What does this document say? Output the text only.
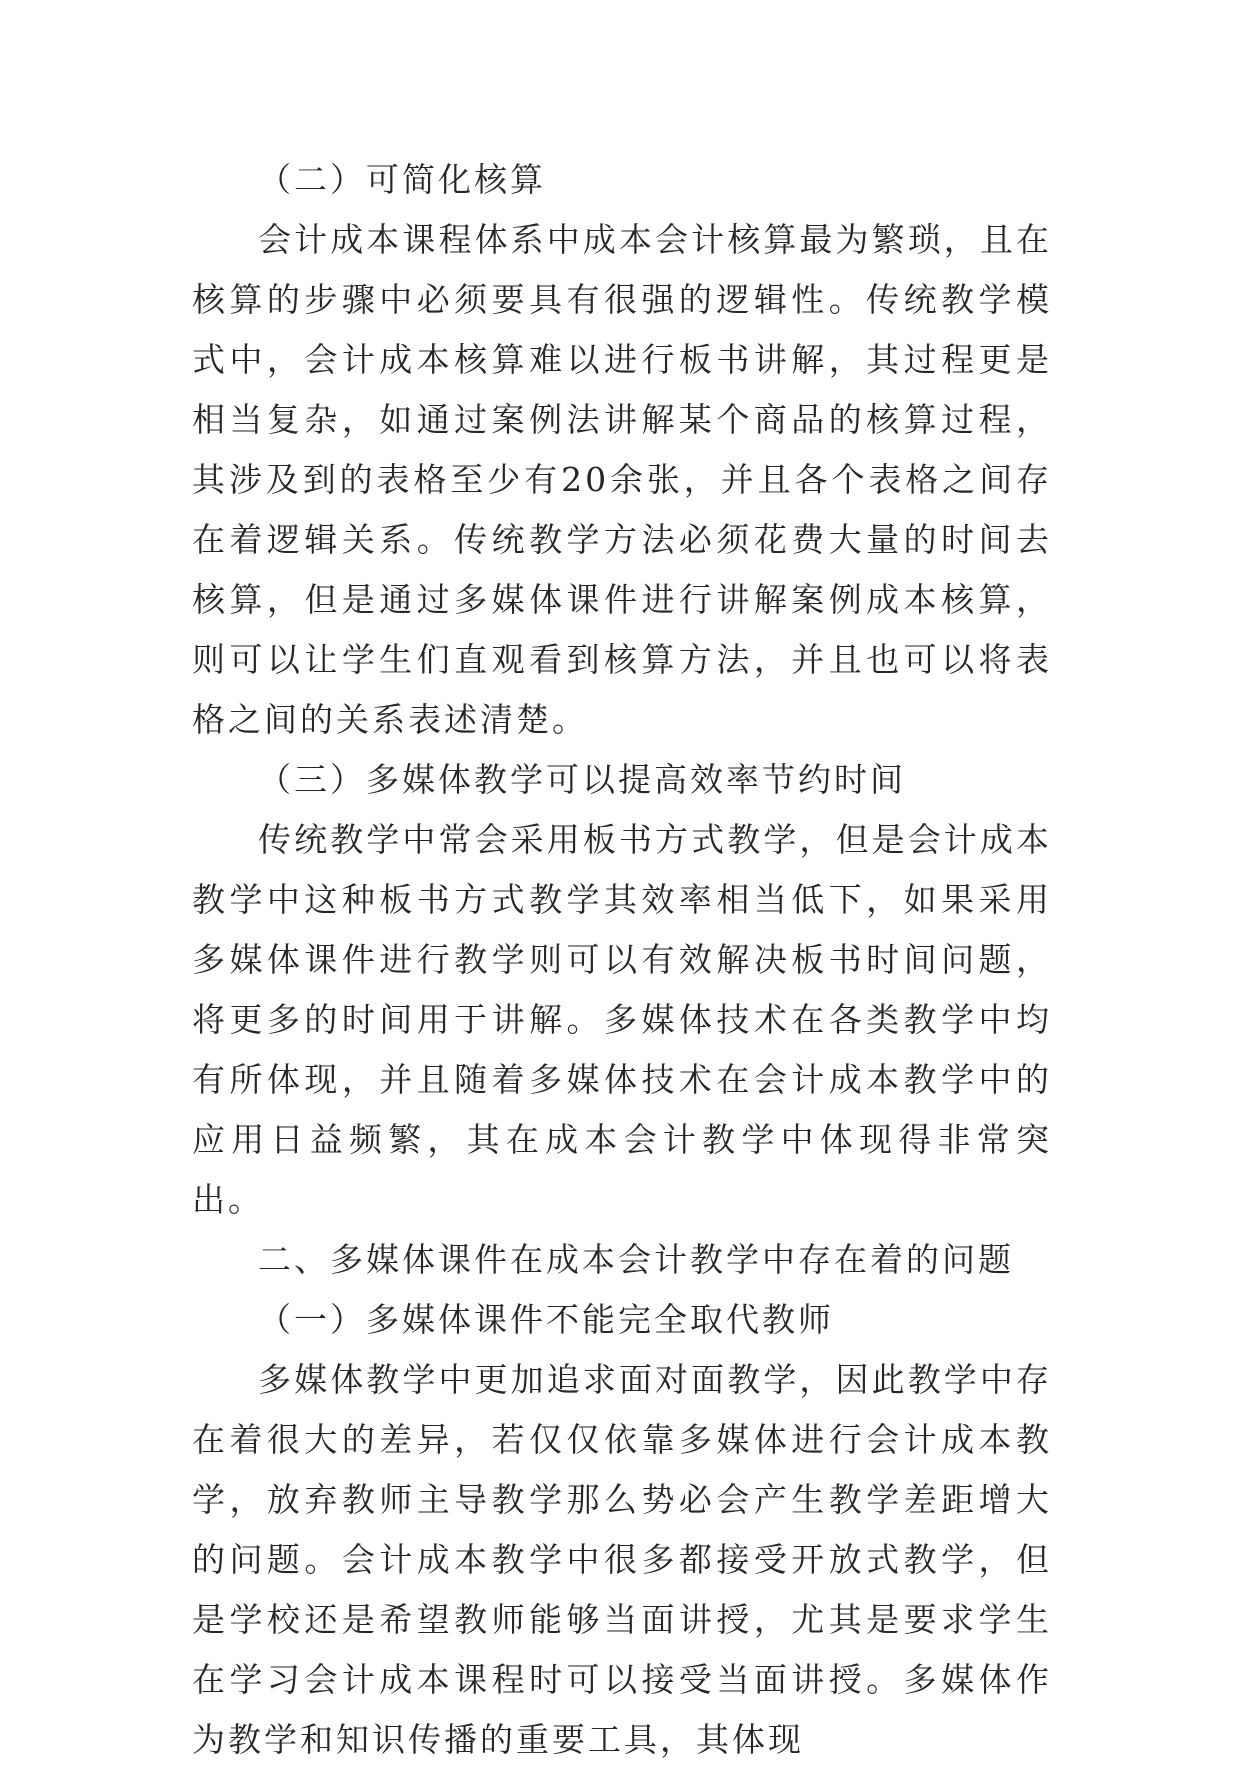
（二）可简化核算

会计成本课程体系中成本会计核算最为繁琐，且在核算的步骤中必须要具有很强的逻辑性。传统教学模式中，会计成本核算难以进行板书讲解，其过程更是相当复杂，如通过案例法讲解某个商品的核算过程，其涉及到的表格至少有20余张，并且各个表格之间存在着逻辑关系。传统教学方法必须花费大量的时间去核算，但是通过多媒体课件进行讲解案例成本核算，则可以让学生们直观看到核算方法，并且也可以将表格之间的关系表述清楚。

（三）多媒体教学可以提高效率节约时间

传统教学中常会采用板书方式教学，但是会计成本教学中这种板书方式教学其效率相当低下，如果采用多媒体课件进行教学则可以有效解决板书时间问题，将更多的时间用于讲解。多媒体技术在各类教学中均有所体现，并且随着多媒体技术在会计成本教学中的应用日益频繁，其在成本会计教学中体现得非常突出。

二、多媒体课件在成本会计教学中存在着的问题

（一）多媒体课件不能完全取代教师

多媒体教学中更加追求面对面教学，因此教学中存在着很大的差异，若仅仅依靠多媒体进行会计成本教学，放弃教师主导教学那么势必会产生教学差距增大的问题。会计成本教学中很多都接受开放式教学，但是学校还是希望教师能够当面讲授，尤其是要求学生在学习会计成本课程时可以接受当面讲授。多媒体作为教学和知识传播的重要工具，其体现
